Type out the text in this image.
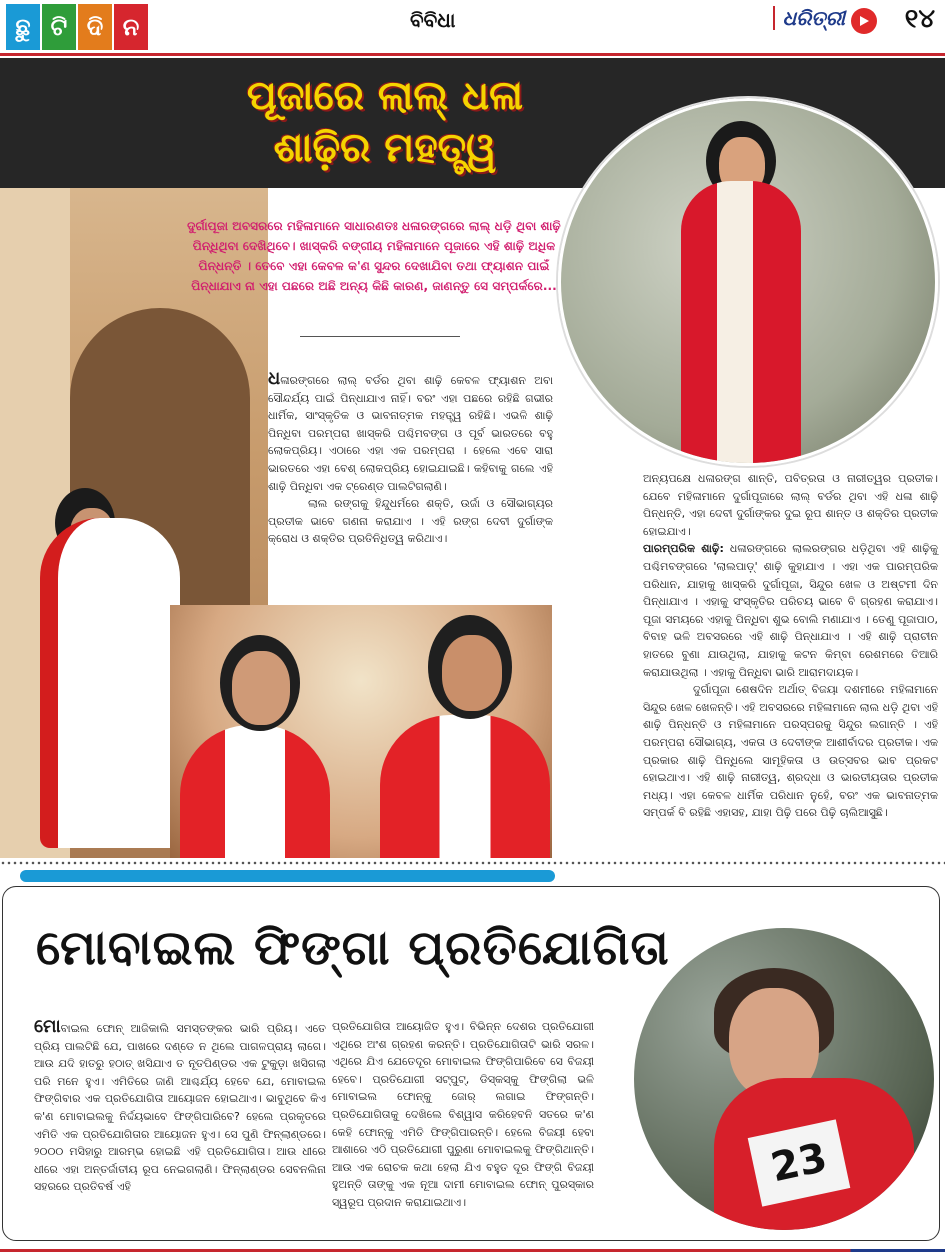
ଛୁ ଟି ଦି ନ	ବିବିଧା	ଧରିତ୍ରୀ ୧୪
ପୂଜାରେ ଲାଲ୍ ଧଳା
ଶାଢ଼ିର ମହତ୍ତ୍ୱ
ଦୁର୍ଗାପୂଜା ଅବସରରେ ମହିଳାମାନେ ସାଧାରଣତଃ ଧଳାରଙ୍ଗରେ ଲାଲ୍ ଧଡ଼ି ଥିବା ଶାଢ଼ି ପିନ୍ଧିଥିବା ଦେଖିଥିବେ। ଖାସ୍‌କରି ବଙ୍ଗୀୟ ମହିଳାମାନେ ପୂଜାରେ ଏହି ଶାଢ଼ି ଅଧିକ ପିନ୍ଧନ୍ତି । ତେବେ ଏହା କେବଳ କ'ଣ ସୁନ୍ଦର ଦେଖାଯିବା ତଥା ଫ୍ୟାଶନ ପାଇଁ ପିନ୍ଧାଯାଏ ନା ଏହା ପଛରେ ଅଛି ଅନ୍ୟ କିଛି କାରଣ, ଜାଣନ୍ତୁ ସେ ସମ୍ପର୍କରେ...

ଧଳାରଙ୍ଗରେ ଲାଲ୍ ବର୍ଡର ଥିବା ଶାଢ଼ି କେବଳ ଫ୍ୟାଶନ ଅବା ସୌନ୍ଦର୍ଯ୍ୟ ପାଇଁ ପିନ୍ଧାଯାଏ ନାହିଁ। ବରଂ ଏହା ପଛରେ ରହିଛି ଗଭୀର ଧାର୍ମିକ, ସାଂସ୍କୃତିକ ଓ ଭାବନାତ୍ମକ ମହତ୍ତ୍ୱ ରହିଛି। ଏଭଳି ଶାଢ଼ି ପିନ୍ଧିବା ପରମ୍ପରା ଖାସ୍‌କରି ପଶ୍ଚିମବଙ୍ଗ ଓ ପୂର୍ବ ଭାରତରେ ବହୁ ଲୋକପ୍ରିୟ। ଏଠାରେ ଏହା ଏକ ପରମ୍ପରା । ହେଲେ ଏବେ ସାରା ଭାରତରେ ଏହା ବେଶ୍ ଲୋକପ୍ରିୟ ହୋଇଯାଇଛି। କହିବାକୁ ଗଲେ ଏହି ଶାଢ଼ି ପିନ୍ଧିବା ଏକ ଟ୍ରେଣ୍ଡ ପାଲଟିଗଲାଣି।

ଲାଲ ରଙ୍ଗକୁ ହିନ୍ଦୁଧର୍ମରେ ଶକ୍ତି, ଉର୍ଜା ଓ ସୌଭାଗ୍ୟର ପ୍ରତୀକ ଭାବେ ଗଣନା କରାଯାଏ । ଏହି ରଙ୍ଗ ଦେବୀ ଦୁର୍ଗାଙ୍କ କ୍ରୋଧ ଓ ଶକ୍ତିର ପ୍ରତିନିଧିତ୍ୱ କରିଥାଏ।

ଅନ୍ୟପକ୍ଷେ ଧଳାରଙ୍ଗ ଶାନ୍ତି, ପବିତ୍ରତା ଓ ନାରୀତ୍ୱର ପ୍ରତୀକ। ଯେବେ ମହିଳାମାନେ ଦୁର୍ଗାପୂଜାରେ ଲାଲ୍ ବର୍ଡର ଥିବା ଏହି ଧଳା ଶାଢ଼ି ପିନ୍ଧନ୍ତି, ଏହା ଦେବୀ ଦୁର୍ଗାଙ୍କର ଦୁଇ ରୂପ ଶାନ୍ତ ଓ ଶକ୍ତିର ପ୍ରତୀକ ହୋଇଯାଏ।

ପାରମ୍ପରିକ ଶାଢ଼ି: ଧଳାରଙ୍ଗରେ ଲାଲରଙ୍ଗର ଧଡ଼ିଥିବା ଏହି ଶାଢ଼ିକୁ ପଶ୍ଚିମବଙ୍ଗରେ 'ଲାଲପାଡ଼୍' ଶାଢ଼ି କୁହାଯାଏ । ଏହା ଏକ ପାରମ୍ପରିକ ପରିଧାନ, ଯାହାକୁ ଖାସ୍‌କରି ଦୁର୍ଗାପୂଜା, ସିନ୍ଦୁର ଖେଳ ଓ ଅଷ୍ଟମୀ ଦିନ ପିନ୍ଧାଯାଏ । ଏହାକୁ ସଂସ୍କୃତିର ପରିଚୟ ଭାବେ ବି ଗ୍ରହଣ କରାଯାଏ। ପୂଜା ସମୟରେ ଏହାକୁ ପିନ୍ଧିବା ଶୁଭ ବୋଲି ମଣାଯାଏ । ତେଣୁ ପୂଜାପାଠ, ବିବାହ ଭଳି ଅବସରରେ ଏହି ଶାଢ଼ି ପିନ୍ଧାଯାଏ । ଏହି ଶାଢ଼ି ପ୍ରାଚୀନ ହାତରେ ବୁଣା ଯାଉଥିଲା, ଯାହାକୁ କଟନ କିମ୍ବା ରେଶମରେ ତିଆରି କରାଯାଉଥିଲା । ଏହାକୁ ପିନ୍ଧିବା ଭାରି ଆରାମଦାୟକ।

ଦୁର୍ଗାପୂଜା ଶେଷଦିନ ଅର୍ଥାତ୍ ବିଜୟା ଦଶମୀରେ ମହିଳାମାନେ ସିନ୍ଦୁର ଖେଳ ଖେଳନ୍ତି। ଏହି ଅବସରରେ ମହିଳାମାନେ ଲାଲ ଧଡ଼ି ଥିବା ଏହି ଶାଢ଼ି ପିନ୍ଧନ୍ତି ଓ ମହିଳାମାନେ ପରସ୍ପରକୁ ସିନ୍ଦୁର ଲଗାନ୍ତି । ଏହି ପରମ୍ପରା ସୌଭାଗ୍ୟ, ଏକତା ଓ ଦେବୀଙ୍କ ଆଶୀର୍ବାଦର ପ୍ରତୀକ। ଏକ ପ୍ରକାର ଶାଢ଼ି ପିନ୍ଧିଲେ ସାମୂହିକତା ଓ ଉତ୍ସବର ଭାବ ପ୍ରକଟ ହୋଇଥାଏ। ଏହି ଶାଢ଼ି ନାରୀତ୍ୱ, ଶ୍ରଦ୍ଧା ଓ ଭାରତୀୟତାର ପ୍ରତୀକ ମଧ୍ୟ। ଏହା କେବଳ ଧାର୍ମିକ ପରିଧାନ ନୁହେଁ, ବରଂ ଏକ ଭାବନାତ୍ମକ ସମ୍ପର୍କ ବି ରହିଛି ଏହାସହ, ଯାହା ପିଢ଼ି ପରେ ପିଢ଼ି ଚାଲିଆସୁଛି।

ମୋବାଇଲ ଫିଙ୍ଗା ପ୍ରତିଯୋଗିତା

ମୋବାଇଲ ଫୋନ୍ ଆଜିକାଲି ସମସ୍ତଙ୍କର ଭାରି ପ୍ରିୟ। ଏତେ ପ୍ରିୟ ପାଲଟିଛି ଯେ, ପାଖରେ ଦଣ୍ଡେ ନ ଥିଲେ ପାଗଳପ୍ରାୟ ଲାଗେ। ଆଉ ଯଦି ହାତରୁ ହଠାତ୍ ଖସିଯାଏ ତ ନୂତପିଣ୍ଡର ଏକ ଟୁକୁଡ଼ା ଖସିଗଲା ପରି ମନେ ହୁଏ। ଏମିତିରେ ଜାଣି ଆଶ୍ଚର୍ଯ୍ୟ ହେବେ ଯେ, ମୋବାଇଲ ଫିଙ୍ଗିବାର ଏକ ପ୍ରତିଯୋଗିତା ଆୟୋଜନ ହୋଇଥାଏ। ଭାବୁଥିବେ କିଏ କ'ଣ ମୋବାଇଲକୁ ନିର୍ଦ୍ଦୟଭାବେ ଫିଙ୍ଗିପାରିବେ? ହେଲେ ପ୍ରକୃତରେ ଏମିତି ଏକ ପ୍ରତିଯୋଗିତାର ଆୟୋଜନ ହୁଏ। ସେ ପୁଣି ଫିନ୍‌ଲାଣ୍ଡରେ। ୨୦୦୦ ମସିହାରୁ ଆରମ୍ଭ ହୋଇଛି ଏହି ପ୍ରତିଯୋଗିତା। ଆଉ ଧୀରେ ଧୀରେ ଏହା ଅନ୍ତର୍ଜାତୀୟ ରୂପ ନେଇଗଲାଣି। ଫିନ୍‌ଲାଣ୍ଡର ସେବନଲିନା ସହରରେ ପ୍ରତିବର୍ଷ ଏହି

ପ୍ରତିଯୋଗିତା ଆୟୋଜିତ ହୁଏ। ବିଭିନ୍ନ ଦେଶର ପ୍ରତିଯୋଗୀ ଏଥିରେ ଅଂଶ ଗ୍ରହଣ କରନ୍ତି। ପ୍ରତିଯୋଗିତାଟି ଭାରି ସରଳ। ଏଥିରେ ଯିଏ ଯେତେଦୂର ମୋବାଇଲ ଫିଙ୍ଗିପାରିବେ ସେ ବିଜୟୀ ହେବେ। ପ୍ରତିଯୋଗୀ ସଟ୍‌ପୁଟ୍, ଡିସ୍କସ୍‌କୁ ଫିଙ୍ଗିଲା ଭଳି ମୋବାଇଲ ଫୋନ୍‌କୁ ଜୋର୍ ଲଗାଇ ଫିଙ୍ଗନ୍ତି। ପ୍ରତିଯୋଗିତାକୁ ଦେଖିଲେ ବିଶ୍ୱାସ କରିହେବନି ସତରେ କ'ଣ କେହି ଫୋନ୍‌କୁ ଏମିତି ଫିଙ୍ଗିପାରନ୍ତି। ହେଲେ ବିଜୟୀ ହେବା ଆଶାରେ ଏଠି ପ୍ରତିଯୋଗୀ ପୁରୁଣା ମୋବାଇଲକୁ ଫିଙ୍ଗିଥାନ୍ତି। ଆଉ ଏକ ରୋଚକ କଥା ହେଲା ଯିଏ ବହୁତ ଦୂର ଫିଙ୍ଗି ବିଜୟୀ ହୁଅନ୍ତି ତାଙ୍କୁ ଏକ ନୂଆ ଦାମୀ ମୋବାଇଲ ଫୋନ୍ ପୁରସ୍କାର ସ୍ୱରୂପ ପ୍ରଦାନ କରାଯାଇଥାଏ।

23
